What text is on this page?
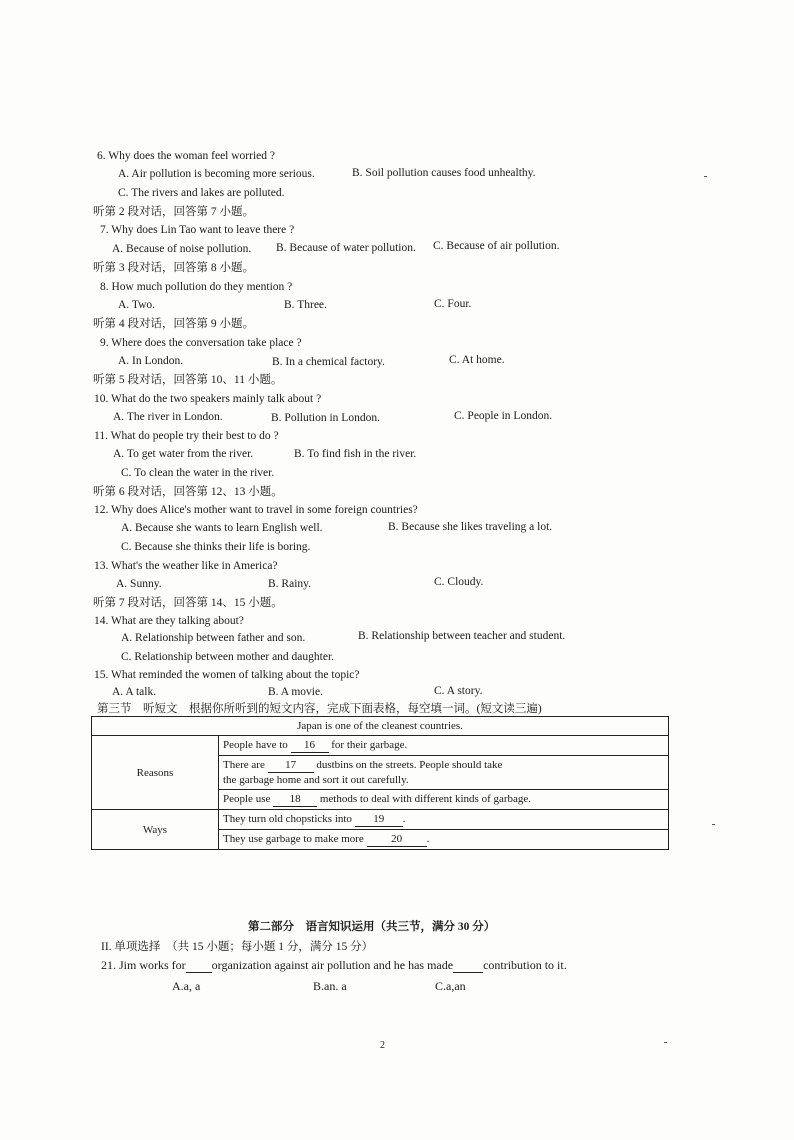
6. Why does the woman feel worried ?
A. Air pollution is becoming more serious.	B. Soil pollution causes food unhealthy.
C. The rivers and lakes are polluted.
听第 2 段对话，回答第 7 小题。
7. Why does Lin Tao want to leave there ?
A. Because of noise pollution. B. Because of water pollution. C. Because of air pollution.
听第 3 段对话，回答第 8 小题。
8. How much pollution do they mention ?
A. Two.	B. Three.	C. Four.
听第 4 段对话，回答第 9 小题。
9. Where does the conversation take place ?
A. In London.	B. In a chemical factory.	C. At home.
听第 5 段对话，回答第 10、11 小题。
10. What do the two speakers mainly talk about ?
A. The river in London.	B. Pollution in London.	C. People in London.
11. What do people try their best to do ?
A. To get water from the river.	B. To find fish in the river.
C. To clean the water in the river.
听第 6 段对话，回答第 12、13 小题。
12. Why does Alice's mother want to travel in some foreign countries?
A. Because she wants to learn English well.	B. Because she likes traveling a lot.
C. Because she thinks their life is boring.
13. What's the weather like in America?
A. Sunny.	B. Rainy.	C. Cloudy.
听第 7 段对话，回答第 14、15 小题。
14. What are they talking about?
A. Relationship between father and son.	B. Relationship between teacher and student.
C. Relationship between mother and daughter.
15. What reminded the women of talking about the topic?
A. A talk.	B. A movie.	C. A story.
第三节　听短文　根据你所听到的短文内容，完成下面表格，每空填一词。(短文读三遍)
Japan is one of the cleanest countries.	
Reasons	People have to 16 for their garbage.
	There are 17 dustbins on the streets. People should take
the garbage home and sort it out carefully.
	People use 18 methods to deal with different kinds of garbage.
Ways	They turn old chopsticks into 19 .
	They use garbage to make more 20 .
第二部分　语言知识运用（共三节，满分 30 分）
II. 单项选择　（共 15 小题；每小题 1 分，满分 15 分）
21. Jim works for organization against air pollution and he has made	contribution to it.
A.a, a	B.an. a	C.a,an
2
